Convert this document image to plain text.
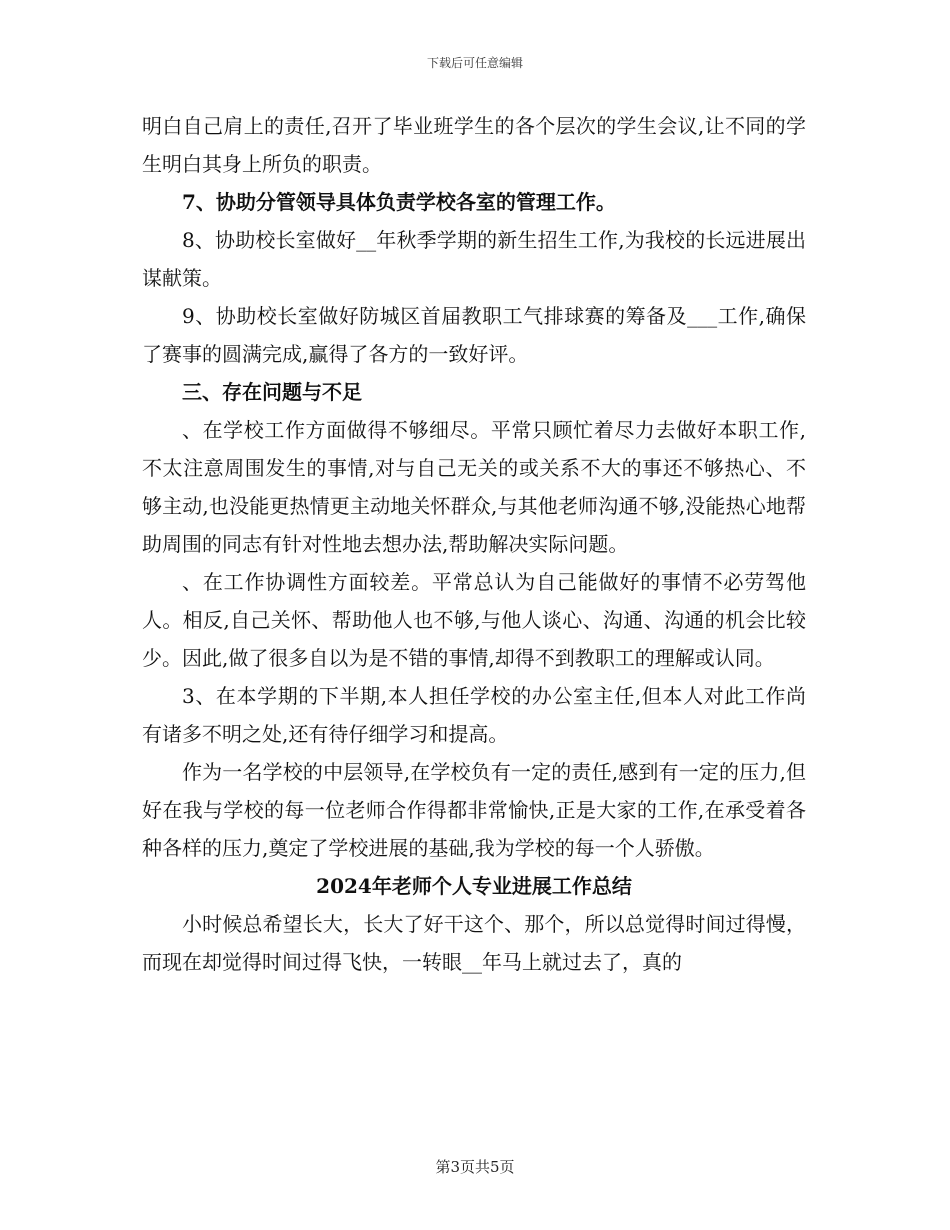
下载后可任意编辑

明白自己肩上的责任,召开了毕业班学生的各个层次的学生会议,让不同的学生明白其身上所负的职责。

7、协助分管领导具体负责学校各室的管理工作。

8、协助校长室做好__年秋季学期的新生招生工作,为我校的长远进展出谋献策。

9、协助校长室做好防城区首届教职工气排球赛的筹备及___工作,确保了赛事的圆满完成,赢得了各方的一致好评。

三、存在问题与不足

、在学校工作方面做得不够细尽。平常只顾忙着尽力去做好本职工作,不太注意周围发生的事情,对与自己无关的或关系不大的事还不够热心、不够主动,也没能更热情更主动地关怀群众,与其他老师沟通不够,没能热心地帮助周围的同志有针对性地去想办法,帮助解决实际问题。

、在工作协调性方面较差。平常总认为自己能做好的事情不必劳驾他人。相反,自己关怀、帮助他人也不够,与他人谈心、沟通、沟通的机会比较少。因此,做了很多自以为是不错的事情,却得不到教职工的理解或认同。

3、在本学期的下半期,本人担任学校的办公室主任,但本人对此工作尚有诸多不明之处,还有待仔细学习和提高。

作为一名学校的中层领导,在学校负有一定的责任,感到有一定的压力,但好在我与学校的每一位老师合作得都非常愉快,正是大家的工作,在承受着各种各样的压力,奠定了学校进展的基础,我为学校的每一个人骄傲。

2024年老师个人专业进展工作总结

小时候总希望长大，长大了好干这个、那个，所以总觉得时间过得慢，而现在却觉得时间过得飞快，一转眼__年马上就过去了，真的

第3页共5页
